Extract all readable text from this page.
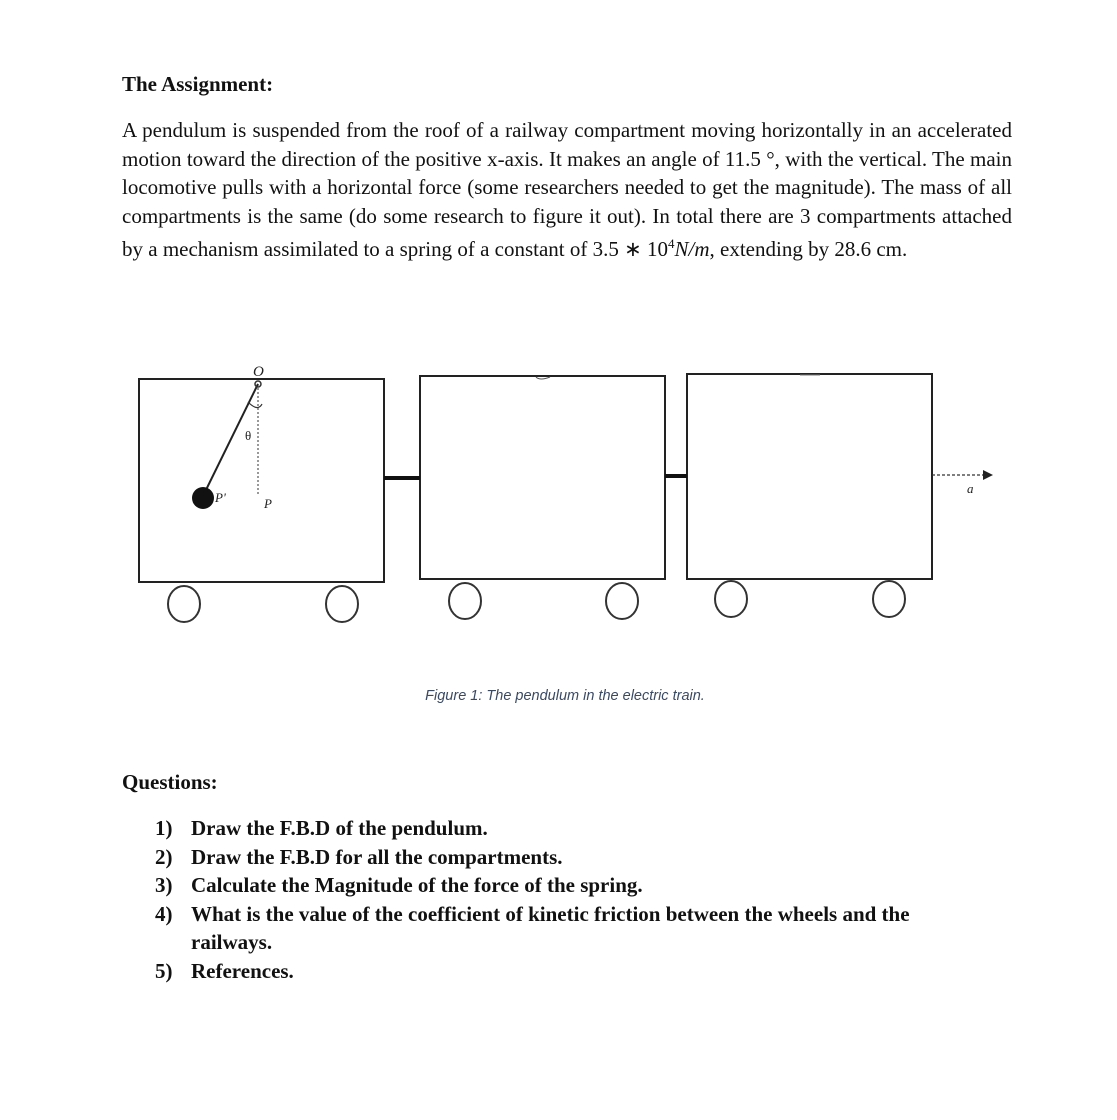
The Assignment:

A pendulum is suspended from the roof of a railway compartment moving horizontally in an accelerated motion toward the direction of the positive x-axis. It makes an angle of 11.5 °, with the vertical. The main locomotive pulls with a horizontal force (some researchers needed to get the magnitude). The mass of all compartments is the same (do some research to figure it out). In total there are 3 compartments attached by a mechanism assimilated to a spring of a constant of 3.5 ∗ $10^4N/m$, extending by 28.6 cm.

O
θ
P'	P
a
Figure 1: The pendulum in the electric train.
Questions:
1) Draw the F.B.D of the pendulum.
2) Draw the F.B.D for all the compartments.
3) Calculate the Magnitude of the force of the spring.
4) What is the value of the coefficient of kinetic friction between the wheels and the railways.
5) References.
